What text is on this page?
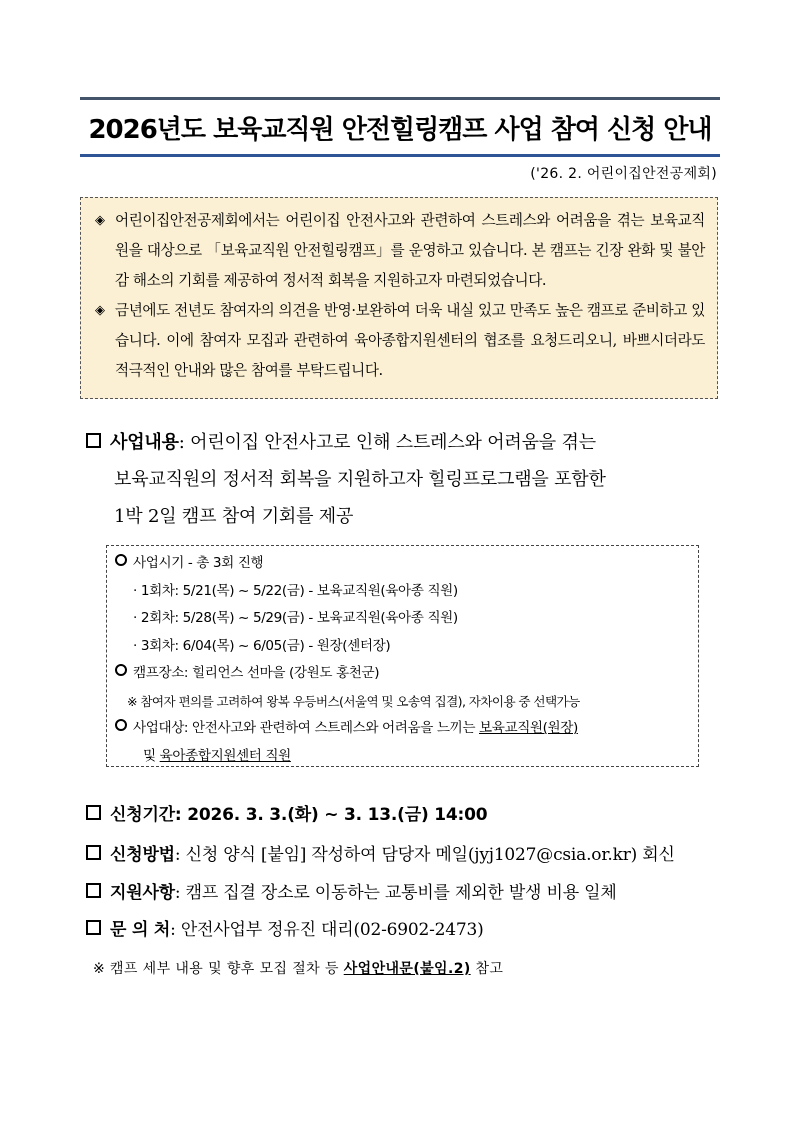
2026년도 보육교직원 안전힐링캠프 사업 참여 신청 안내
('26. 2. 어린이집안전공제회)
◈ 어린이집안전공제회에서는 어린이집 안전사고와 관련하여 스트레스와 어려움을 겪는 보육교직원을 대상으로 「보육교직원 안전힐링캠프」를 운영하고 있습니다. 본 캠프는 긴장 완화 및 불안감 해소의 기회를 제공하여 정서적 회복을 지원하고자 마련되었습니다.
◈ 금년에도 전년도 참여자의 의견을 반영·보완하여 더욱 내실 있고 만족도 높은 캠프로 준비하고 있습니다. 이에 참여자 모집과 관련하여 육아종합지원센터의 협조를 요청드리오니, 바쁘시더라도 적극적인 안내와 많은 참여를 부탁드립니다.
사업내용: 어린이집 안전사고로 인해 스트레스와 어려움을 겪는
보육교직원의 정서적 회복을 지원하고자 힐링프로그램을 포함한
1박 2일 캠프 참여 기회를 제공
사업시기 - 총 3회 진행
· 1회차: 5/21(목) ~ 5/22(금) - 보육교직원(육아종 직원)
· 2회차: 5/28(목) ~ 5/29(금) - 보육교직원(육아종 직원)
· 3회차: 6/04(목) ~ 6/05(금) - 원장(센터장)
캠프장소: 힐리언스 선마을 (강원도 홍천군)
※ 참여자 편의를 고려하여 왕복 우등버스(서울역 및 오송역 집결), 자차이용 중 선택가능
사업대상: 안전사고와 관련하여 스트레스와 어려움을 느끼는 보육교직원(원장)
및 육아종합지원센터 직원
신청기간: 2026. 3. 3.(화) ~ 3. 13.(금) 14:00
신청방법: 신청 양식 [붙임] 작성하여 담당자 메일(jyj1027@csia.or.kr) 회신
지원사항: 캠프 집결 장소로 이동하는 교통비를 제외한 발생 비용 일체
문 의 처: 안전사업부 정유진 대리(02-6902-2473)
※ 캠프 세부 내용 및 향후 모집 절차 등 사업안내문(붙임.2) 참고
